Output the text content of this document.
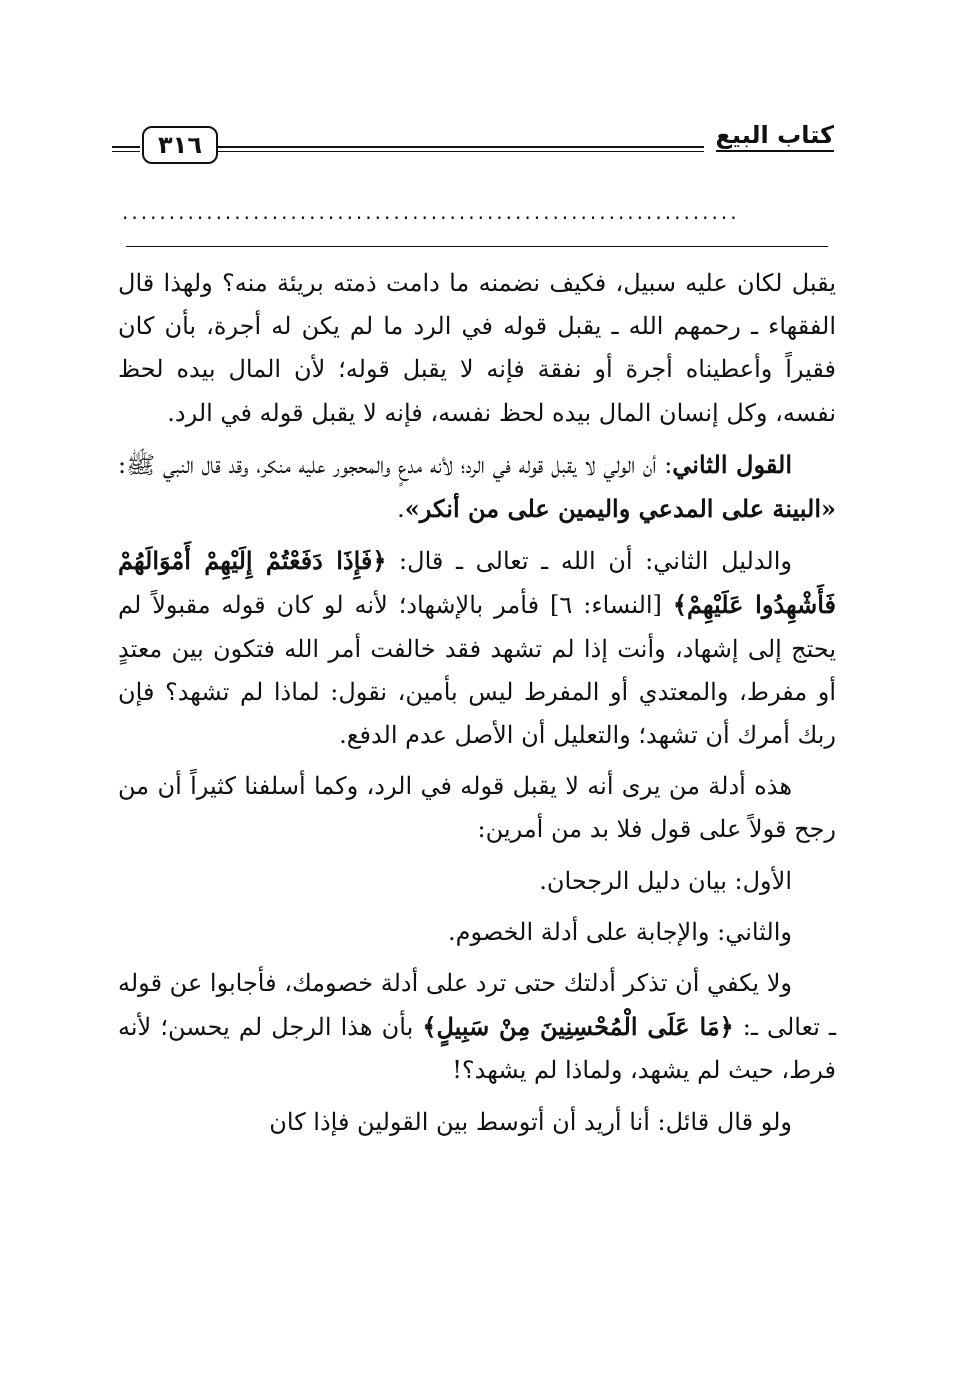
كتاب البيع
٣١٦
..................................................................

يقبل لكان عليه سبيل، فكيف نضمنه ما دامت ذمته بريئة منه؟ ولهذا قال الفقهاء ـ رحمهم الله ـ يقبل قوله في الرد ما لم يكن له أجرة، بأن كان فقيراً وأعطيناه أجرة أو نفقة فإنه لا يقبل قوله؛ لأن المال بيده لحظ نفسه، وكل إنسان المال بيده لحظ نفسه، فإنه لا يقبل قوله في الرد.

القول الثاني: أن الولي لا يقبل قوله في الرد؛ لأنه مدعٍ والمحجور عليه منكر، وقد قال النبي ﷺ: «البينة على المدعي واليمين على من أنكر».

والدليل الثاني: أن الله ـ تعالى ـ قال: ﴿فَإِذَا دَفَعْتُمْ إِلَيْهِمْ أَمْوَالَهُمْ فَأَشْهِدُوا عَلَيْهِمْ﴾ [النساء: ٦] فأمر بالإشهاد؛ لأنه لو كان قوله مقبولاً لم يحتج إلى إشهاد، وأنت إذا لم تشهد فقد خالفت أمر الله فتكون بين معتدٍ أو مفرط، والمعتدي أو المفرط ليس بأمين، نقول: لماذا لم تشهد؟ فإن ربك أمرك أن تشهد؛ والتعليل أن الأصل عدم الدفع.

هذه أدلة من يرى أنه لا يقبل قوله في الرد، وكما أسلفنا كثيراً أن من رجح قولاً على قول فلا بد من أمرين:

الأول: بيان دليل الرجحان.

والثاني: والإجابة على أدلة الخصوم.

ولا يكفي أن تذكر أدلتك حتى ترد على أدلة خصومك، فأجابوا عن قوله ـ تعالى ـ: ﴿مَا عَلَى الْمُحْسِنِينَ مِنْ سَبِيلٍ﴾ بأن هذا الرجل لم يحسن؛ لأنه فرط، حيث لم يشهد، ولماذا لم يشهد؟!

ولو قال قائل: أنا أريد أن أتوسط بين القولين فإذا كان
